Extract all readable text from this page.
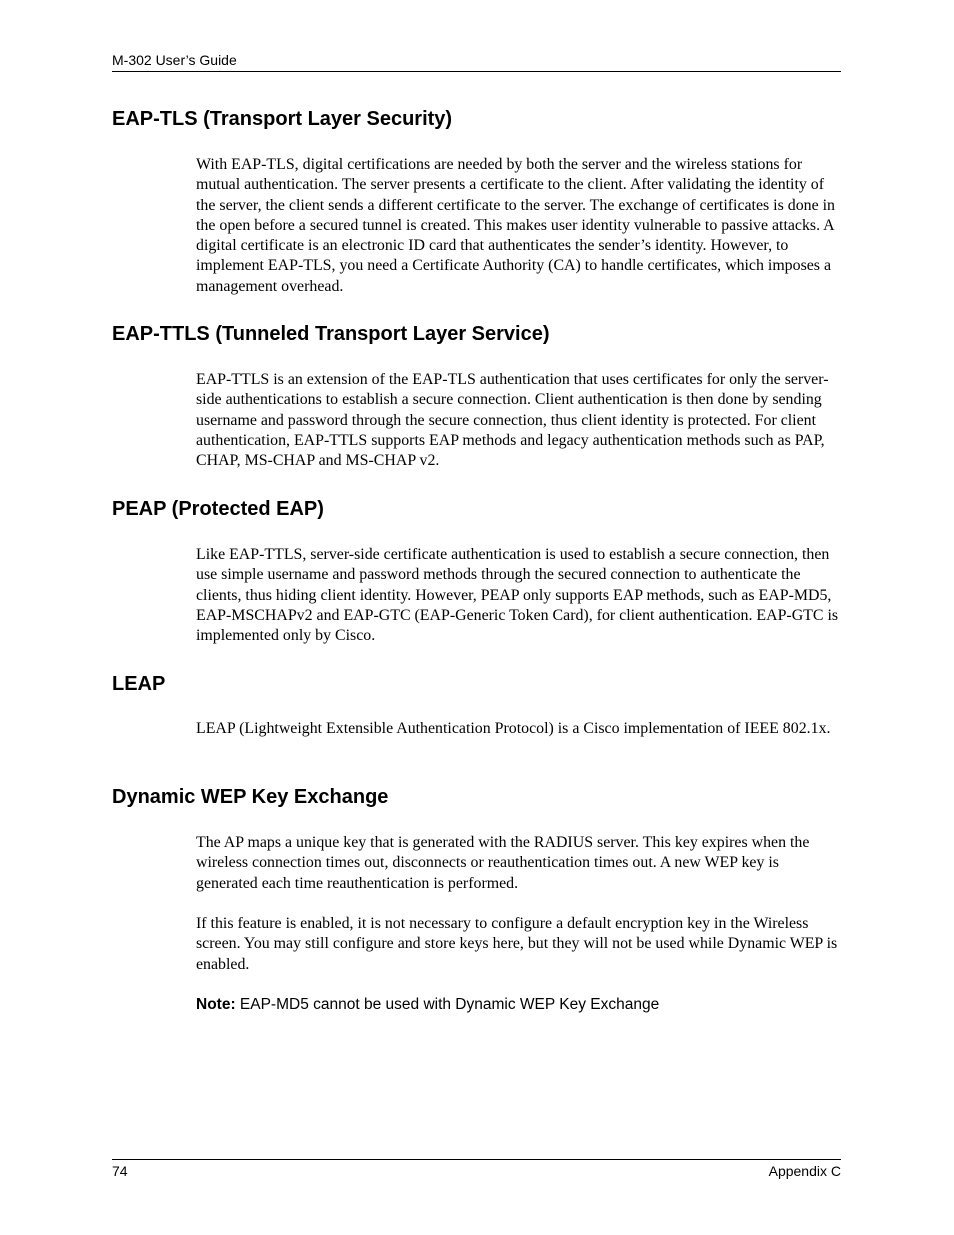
M-302 User’s Guide
EAP-TLS (Transport Layer Security)

With EAP-TLS, digital certifications are needed by both the server and the wireless stations for mutual authentication. The server presents a certificate to the client. After validating the identity of the server, the client sends a different certificate to the server. The exchange of certificates is done in the open before a secured tunnel is created. This makes user identity vulnerable to passive attacks. A digital certificate is an electronic ID card that authenticates the sender’s identity. However, to implement EAP-TLS, you need a Certificate Authority (CA) to handle certificates, which imposes a management overhead.

EAP-TTLS (Tunneled Transport Layer Service)

EAP-TTLS is an extension of the EAP-TLS authentication that uses certificates for only the server-side authentications to establish a secure connection. Client authentication is then done by sending username and password through the secure connection, thus client identity is protected. For client authentication, EAP-TTLS supports EAP methods and legacy authentication methods such as PAP, CHAP, MS-CHAP and MS-CHAP v2.

PEAP (Protected EAP)

Like EAP-TTLS, server-side certificate authentication is used to establish a secure connection, then use simple username and password methods through the secured connection to authenticate the clients, thus hiding client identity. However, PEAP only supports EAP methods, such as EAP-MD5, EAP-MSCHAPv2 and EAP-GTC (EAP-Generic Token Card), for client authentication. EAP-GTC is implemented only by Cisco.

LEAP

LEAP (Lightweight Extensible Authentication Protocol) is a Cisco implementation of IEEE 802.1x.

Dynamic WEP Key Exchange

The AP maps a unique key that is generated with the RADIUS server. This key expires when the wireless connection times out, disconnects or reauthentication times out. A new WEP key is generated each time reauthentication is performed.

If this feature is enabled, it is not necessary to configure a default encryption key in the Wireless screen. You may still configure and store keys here, but they will not be used while Dynamic WEP is enabled.

Note: EAP-MD5 cannot be used with Dynamic WEP Key Exchange

74	Appendix C
